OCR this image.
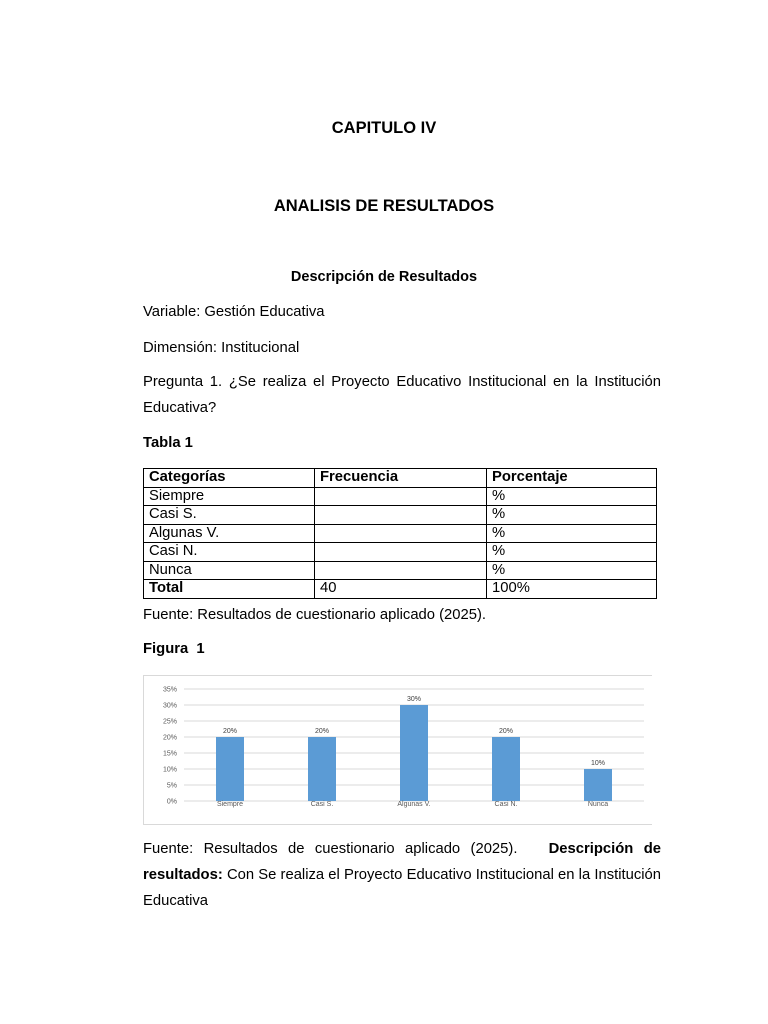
CAPITULO IV
ANALISIS DE RESULTADOS
Descripción de Resultados
Variable: Gestión Educativa
Dimensión: Institucional
Pregunta 1. ¿Se realiza el Proyecto Educativo Institucional en la Institución Educativa?
Tabla 1
Categorías	Frecuencia	Porcentaje
Siempre		%
Casi S.		%
Algunas V.		%
Casi N.		%
Nunca		%
Total	40	100%
Fuente: Resultados de cuestionario aplicado (2025).
Figura  1
0%
5%
10%
15%
20%
25%
30%
35%
20%
Siempre
20%
Casi S.
30%
Algunas V.
20%
Casi N.
10%
Nunca
Fuente: Resultados de cuestionario aplicado (2025). Descripción de resultados: Con Se realiza el Proyecto Educativo Institucional en la Institución Educativa
